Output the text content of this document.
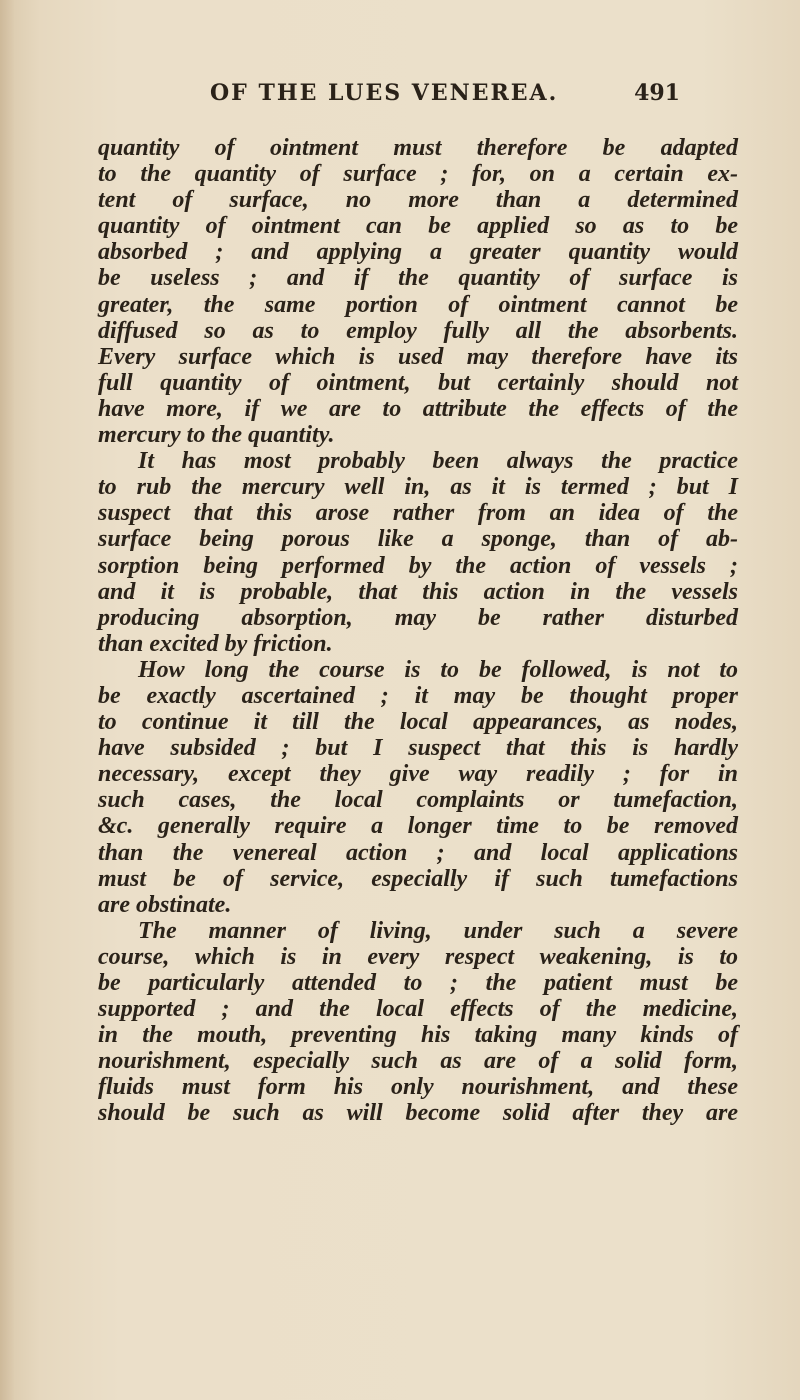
OF THE LUES VENEREA.	491
quantity of ointment must therefore be adapted
to the quantity of surface ; for, on a certain ex-
tent of surface, no more than a determined
quantity of ointment can be applied so as to be
absorbed ; and applying a greater quantity would
be useless ; and if the quantity of surface is
greater, the same portion of ointment cannot be
diffused so as to employ fully all the absorbents.
Every surface which is used may therefore have its
full quantity of ointment, but certainly should not
have more, if we are to attribute the effects of the
mercury to the quantity.
It has most probably been always the practice
to rub the mercury well in, as it is termed ; but I
suspect that this arose rather from an idea of the
surface being porous like a sponge, than of ab-
sorption being performed by the action of vessels ;
and it is probable, that this action in the vessels
producing absorption, may be rather disturbed
than excited by friction.
How long the course is to be followed, is not to
be exactly ascertained ; it may be thought proper
to continue it till the local appearances, as nodes,
have subsided ; but I suspect that this is hardly
necessary, except they give way readily ; for in
such cases, the local complaints or tumefaction,
&c. generally require a longer time to be removed
than the venereal action ; and local applications
must be of service, especially if such tumefactions
are obstinate.
The manner of living, under such a severe
course, which is in every respect weakening, is to
be particularly attended to ; the patient must be
supported ; and the local effects of the medicine,
in the mouth, preventing his taking many kinds of
nourishment, especially such as are of a solid form,
fluids must form his only nourishment, and these
should be such as will become solid after they are
